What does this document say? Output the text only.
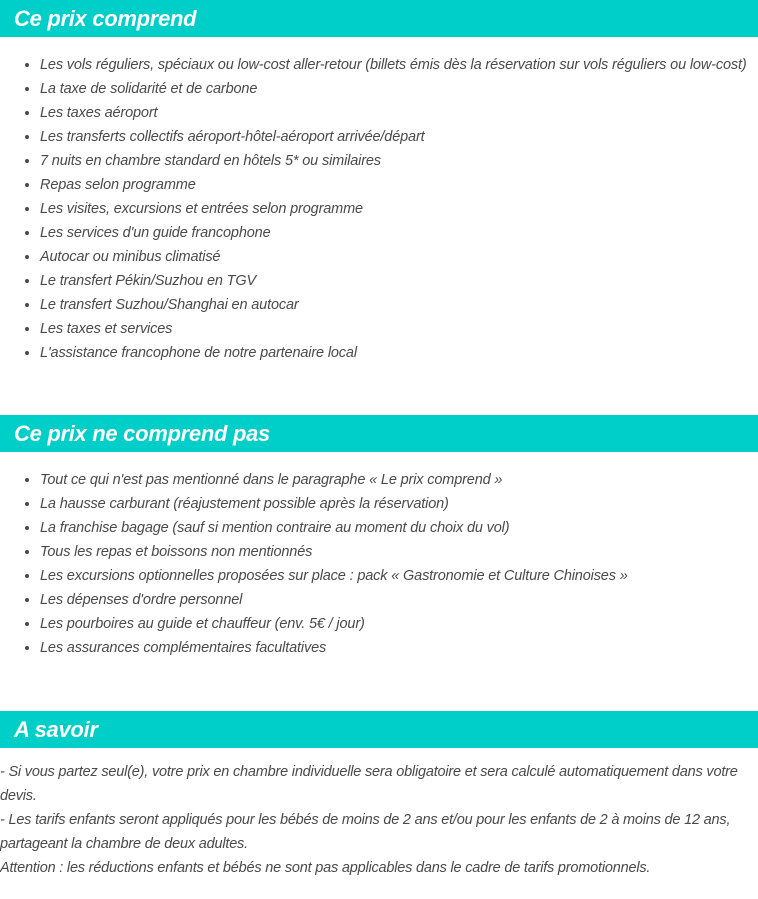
Ce prix comprend
Les vols réguliers, spéciaux ou low-cost aller-retour (billets émis dès la réservation sur vols réguliers ou low-cost)
La taxe de solidarité et de carbone
Les taxes aéroport
Les transferts collectifs aéroport-hôtel-aéroport arrivée/départ
7 nuits en chambre standard en hôtels 5* ou similaires
Repas selon programme
Les visites, excursions et entrées selon programme
Les services d'un guide francophone
Autocar ou minibus climatisé
Le transfert Pékin/Suzhou en TGV
Le transfert Suzhou/Shanghai en autocar
Les taxes et services
L'assistance francophone de notre partenaire local
Ce prix ne comprend pas
Tout ce qui n'est pas mentionné dans le paragraphe « Le prix comprend »
La hausse carburant (réajustement possible après la réservation)
La franchise bagage (sauf si mention contraire au moment du choix du vol)
Tous les repas et boissons non mentionnés
Les excursions optionnelles proposées sur place : pack « Gastronomie et Culture Chinoises »
Les dépenses d'ordre personnel
Les pourboires au guide et chauffeur (env. 5€ / jour)
Les assurances complémentaires facultatives
A savoir

- Si vous partez seul(e), votre prix en chambre individuelle sera obligatoire et sera calculé automatiquement dans votre devis.

- Les tarifs enfants seront appliqués pour les bébés de moins de 2 ans et/ou pour les enfants de 2 à moins de 12 ans, partageant la chambre de deux adultes.

Attention : les réductions enfants et bébés ne sont pas applicables dans le cadre de tarifs promotionnels.
